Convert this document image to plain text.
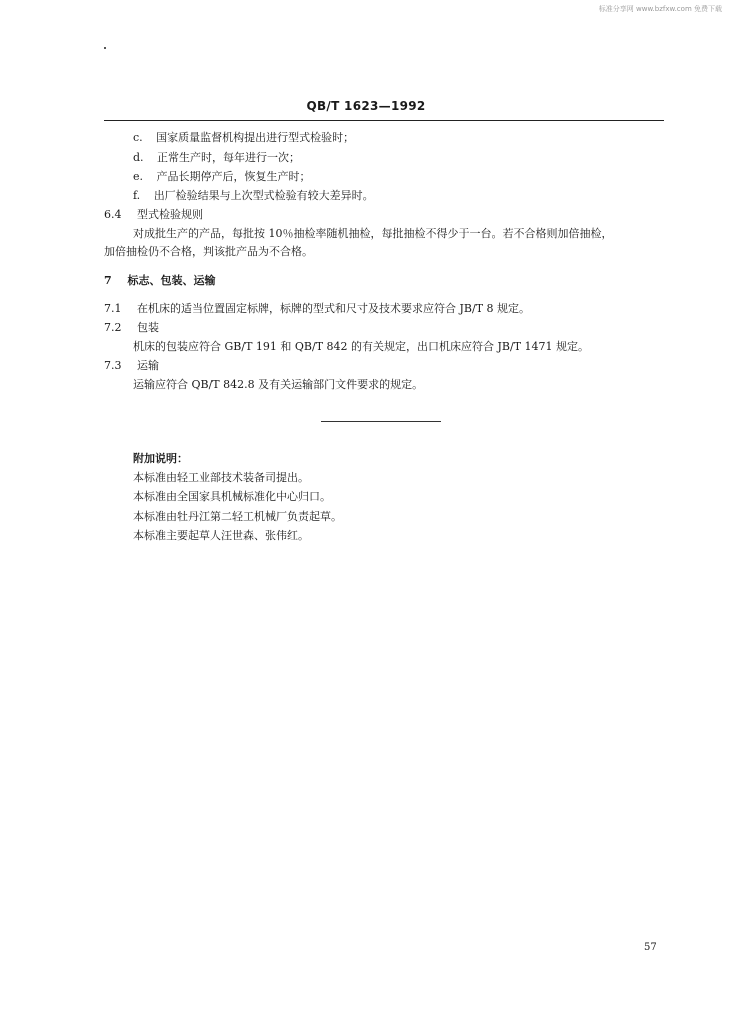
标准分享网 www.bzfxw.com 免费下载
QB/T 1623—1992
c. 国家质量监督机构提出进行型式检验时；
d. 正常生产时，每年进行一次；
e. 产品长期停产后，恢复生产时；
f. 出厂检验结果与上次型式检验有较大差异时。
6.4 型式检验规则
对成批生产的产品，每批按 10％抽检率随机抽检，每批抽检不得少于一台。若不合格则加倍抽检，
加倍抽检仍不合格，判该批产品为不合格。
7 标志、包装、运输
7.1 在机床的适当位置固定标牌，标牌的型式和尺寸及技术要求应符合 JB/T 8 规定。
7.2 包装
机床的包装应符合 GB/T 191 和 QB/T 842 的有关规定，出口机床应符合 JB/T 1471 规定。
7.3 运输
运输应符合 QB/T 842.8 及有关运输部门文件要求的规定。
附加说明：
本标准由轻工业部技术装备司提出。
本标准由全国家具机械标准化中心归口。
本标准由牡丹江第二轻工机械厂负责起草。
本标准主要起草人汪世森、张伟红。
57
